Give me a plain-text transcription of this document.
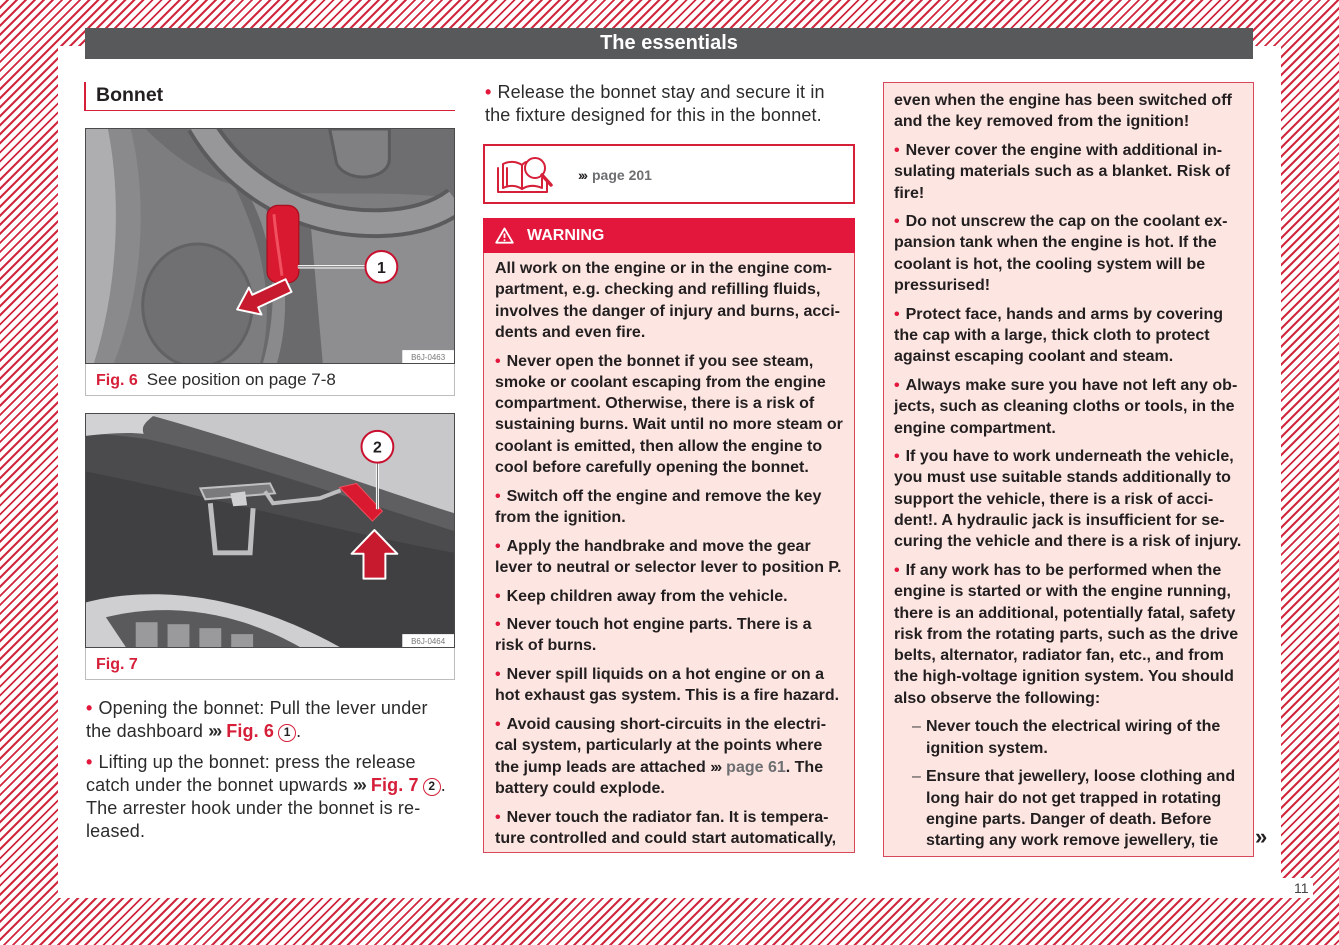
The essentials
Bonnet
1
B6J-0463
Fig. 6 See position on page 7-8
2
B6J-0464
Fig. 7
• Opening the bonnet: Pull the lever under
the dashboard ››› Fig. 6 1 .
• Lifting up the bonnet: press the release
catch under the bonnet upwards ››› Fig. 7 2 .
The arrester hook under the bonnet is re-
leased.
• Release the bonnet stay and secure it in
the fixture designed for this in the bonnet.
››› page 201
WARNING
All work on the engine or in the engine com-
partment, e.g. checking and refilling fluids,
involves the danger of injury and burns, acci-
dents and even fire.
• Never open the bonnet if you see steam,
smoke or coolant escaping from the engine
compartment. Otherwise, there is a risk of
sustaining burns. Wait until no more steam or
coolant is emitted, then allow the engine to
cool before carefully opening the bonnet.
• Switch off the engine and remove the key
from the ignition.
• Apply the handbrake and move the gear
lever to neutral or selector lever to position P.
• Keep children away from the vehicle.
• Never touch hot engine parts. There is a
risk of burns.
• Never spill liquids on a hot engine or on a
hot exhaust gas system. This is a fire hazard.
• Avoid causing short-circuits in the electri-
cal system, particularly at the points where
the jump leads are attached ››› page 61. The
battery could explode.
• Never touch the radiator fan. It is tempera-
ture controlled and could start automatically,
even when the engine has been switched off
and the key removed from the ignition!
• Never cover the engine with additional in-
sulating materials such as a blanket. Risk of
fire!
• Do not unscrew the cap on the coolant ex-
pansion tank when the engine is hot. If the
coolant is hot, the cooling system will be
pressurised!
• Protect face, hands and arms by covering
the cap with a large, thick cloth to protect
against escaping coolant and steam.
• Always make sure you have not left any ob-
jects, such as cleaning cloths or tools, in the
engine compartment.
• If you have to work underneath the vehicle,
you must use suitable stands additionally to
support the vehicle, there is a risk of acci-
dent!. A hydraulic jack is insufficient for se-
curing the vehicle and there is a risk of injury.
• If any work has to be performed when the
engine is started or with the engine running,
there is an additional, potentially fatal, safety
risk from the rotating parts, such as the drive
belts, alternator, radiator fan, etc., and from
the high-voltage ignition system. You should
also observe the following:
– Never touch the electrical wiring of the
ignition system.
– Ensure that jewellery, loose clothing and
long hair do not get trapped in rotating
engine parts. Danger of death. Before
starting any work remove jewellery, tie	»
11
